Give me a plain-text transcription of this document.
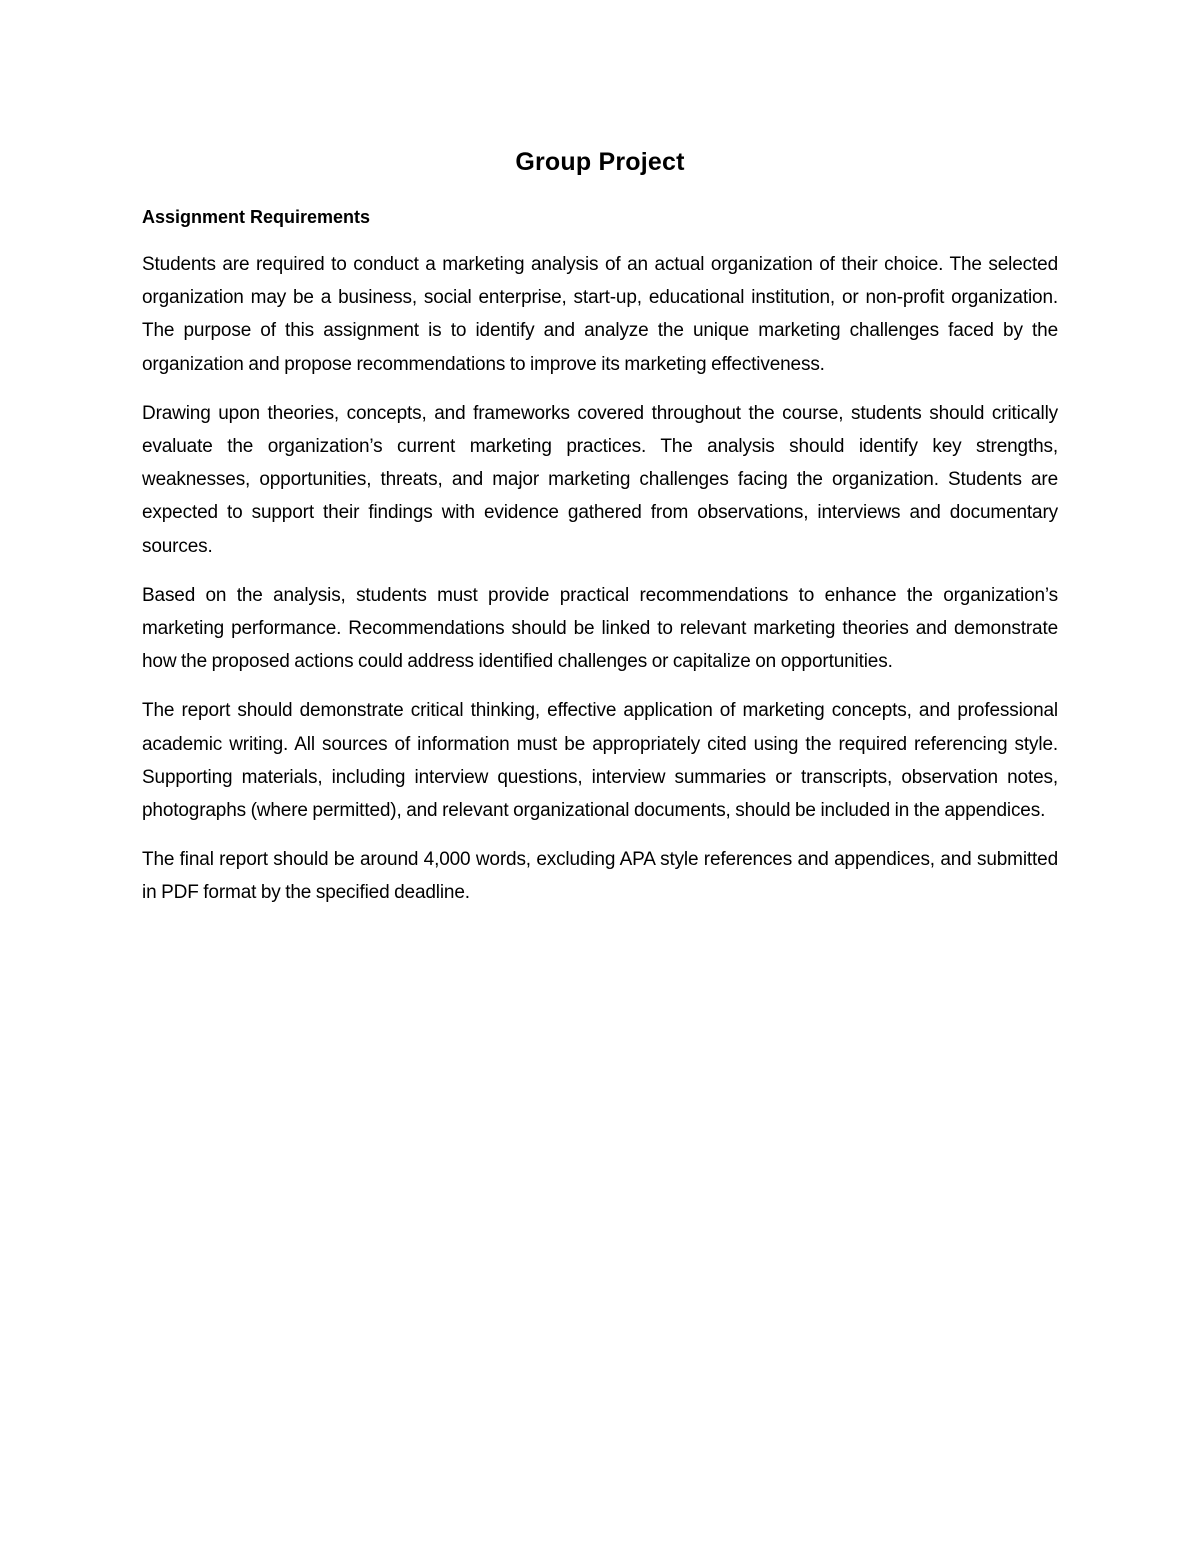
Group Project
Assignment Requirements

Students are required to conduct a marketing analysis of an actual organization of their choice. The selected organization may be a business, social enterprise, start-up, educational institution, or non-profit organization. The purpose of this assignment is to identify and analyze the unique marketing challenges faced by the organization and propose recommendations to improve its marketing effectiveness.

Drawing upon theories, concepts, and frameworks covered throughout the course, students should critically evaluate the organization’s current marketing practices. The analysis should identify key strengths, weaknesses, opportunities, threats, and major marketing challenges facing the organization. Students are expected to support their findings with evidence gathered from observations, interviews and documentary sources.

Based on the analysis, students must provide practical recommendations to enhance the organization’s marketing performance. Recommendations should be linked to relevant marketing theories and demonstrate how the proposed actions could address identified challenges or capitalize on opportunities.

The report should demonstrate critical thinking, effective application of marketing concepts, and professional academic writing. All sources of information must be appropriately cited using the required referencing style. Supporting materials, including interview questions, interview summaries or transcripts, observation notes, photographs (where permitted), and relevant organizational documents, should be included in the appendices.

The final report should be around 4,000 words, excluding APA style references and appendices, and submitted in PDF format by the specified deadline.
